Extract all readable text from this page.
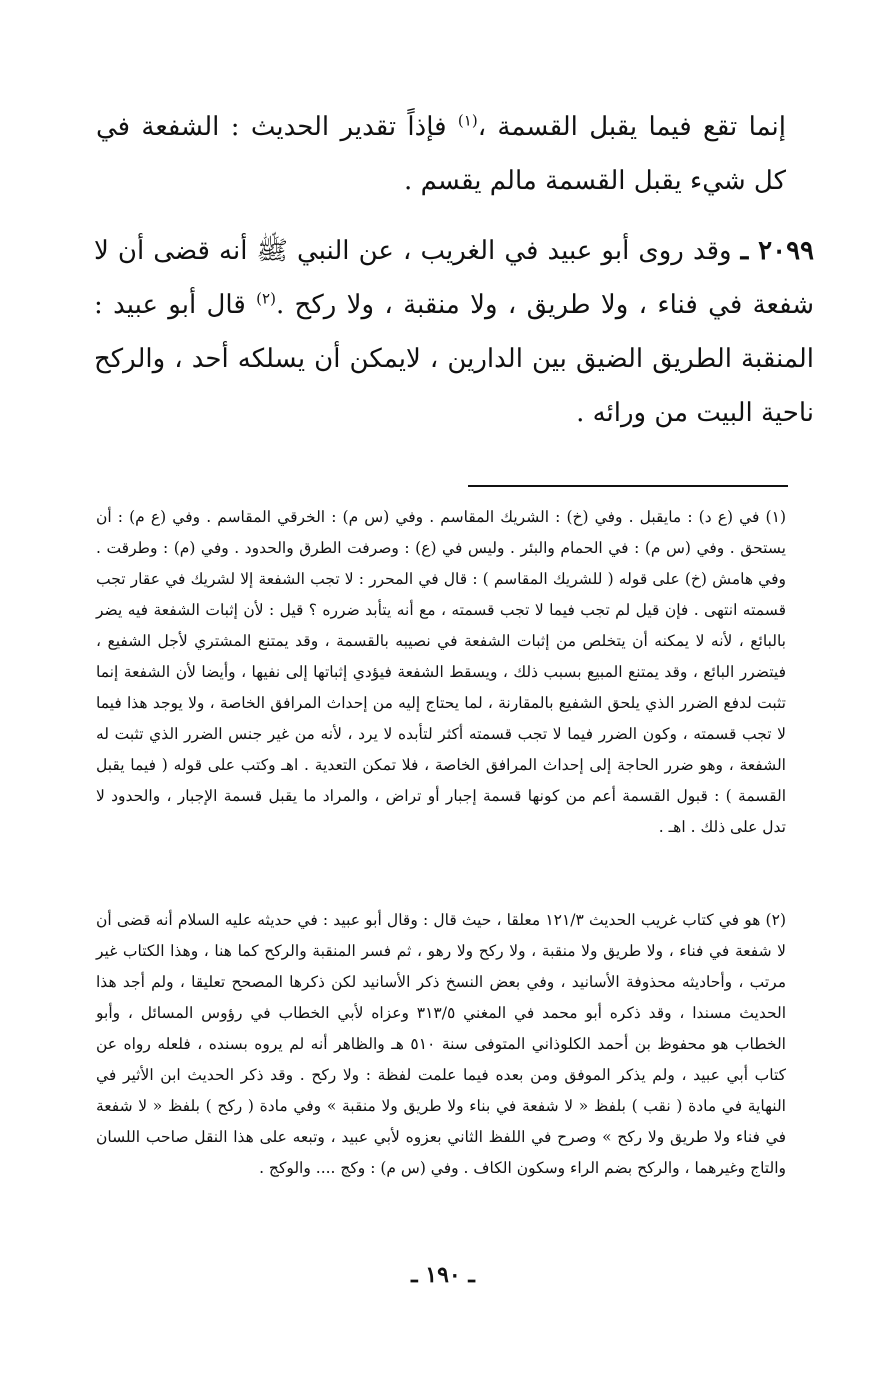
إنما تقع فيما يقبل القسمة ،$^{(١)}$ فإذاً تقدير الحديث : الشفعة في كل شيء يقبل القسمة مالم يقسم .

٢٠٩٩ ـ وقد روى أبو عبيد في الغريب ، عن النبي ﷺ أنه قضى أن لا شفعة في فناء ، ولا طريق ، ولا منقبة ، ولا ركح .$^{(٢)}$ قال أبو عبيد : المنقبة الطريق الضيق بين الدارين ، لايمكن أن يسلكه أحد ، والركح ناحية البيت من ورائه .

(١) في (ع د) : مايقبل . وفي (خ) : الشريك المقاسم . وفي (س م) : الخرقي المقاسم . وفي (ع م) : أن يستحق . وفي (س م) : في الحمام والبئر . وليس في (ع) : وصرفت الطرق والحدود . وفي (م) : وطرقت . وفي هامش (خ) على قوله ( للشريك المقاسم ) : قال في المحرر : لا تجب الشفعة إلا لشريك في عقار تجب قسمته انتهى . فإن قيل لم تجب فيما لا تجب قسمته ، مع أنه يتأبد ضرره ؟ قيل : لأن إثبات الشفعة فيه يضر بالبائع ، لأنه لا يمكنه أن يتخلص من إثبات الشفعة في نصيبه بالقسمة ، وقد يمتنع المشتري لأجل الشفيع ، فيتضرر البائع ، وقد يمتنع المبيع بسبب ذلك ، ويسقط الشفعة فيؤدي إثباتها إلى نفيها ، وأيضا لأن الشفعة إنما تثبت لدفع الضرر الذي يلحق الشفيع بالمقارنة ، لما يحتاج إليه من إحداث المرافق الخاصة ، ولا يوجد هذا فيما لا تجب قسمته ، وكون الضرر فيما لا تجب قسمته أكثر لتأبده لا يرد ، لأنه من غير جنس الضرر الذي تثبت له الشفعة ، وهو ضرر الحاجة إلى إحداث المرافق الخاصة ، فلا تمكن التعدية . اهـ وكتب على قوله ( فيما يقبل القسمة ) : قبول القسمة أعم من كونها قسمة إجبار أو تراض ، والمراد ما يقبل قسمة الإجبار ، والحدود لا تدل على ذلك . اهـ .

(٢) هو في كتاب غريب الحديث ١٢١/٣ معلقا ، حيث قال : وقال أبو عبيد : في حديثه عليه السلام أنه قضى أن لا شفعة في فناء ، ولا طريق ولا منقبة ، ولا ركح ولا رهو ، ثم فسر المنقبة والركح كما هنا ، وهذا الكتاب غير مرتب ، وأحاديثه محذوفة الأسانيد ، وفي بعض النسخ ذكر الأسانيد لكن ذكرها المصحح تعليقا ، ولم أجد هذا الحديث مسندا ، وقد ذكره أبو محمد في المغني ٣١٣/٥ وعزاه لأبي الخطاب في رؤوس المسائل ، وأبو الخطاب هو محفوظ بن أحمد الكلوذاني المتوفى سنة ٥١٠ هـ والظاهر أنه لم يروه بسنده ، فلعله رواه عن كتاب أبي عبيد ، ولم يذكر الموفق ومن بعده فيما علمت لفظة : ولا ركح . وقد ذكر الحديث ابن الأثير في النهاية في مادة ( نقب ) بلفظ « لا شفعة في بناء ولا طريق ولا منقبة » وفي مادة ( ركح ) بلفظ « لا شفعة في فناء ولا طريق ولا ركح » وصرح في اللفظ الثاني بعزوه لأبي عبيد ، وتبعه على هذا النقل صاحب اللسان والتاج وغيرهما ، والركح بضم الراء وسكون الكاف . وفي (س م) : وكج .... والوكج .

ـ ١٩٠ ـ
